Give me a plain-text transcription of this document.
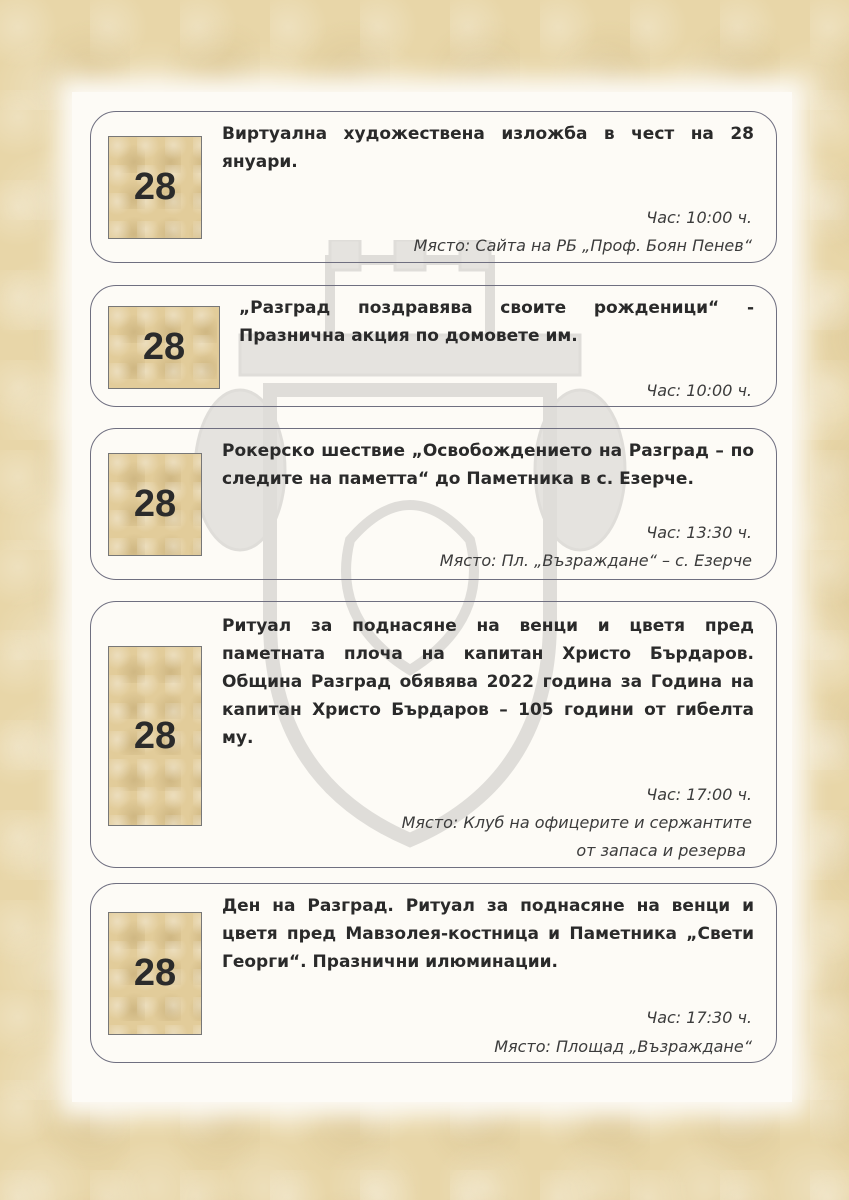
28
Виртуална художествена изложба в чест на 28 януари.
Час: 10:00 ч.
Място: Сайта на РБ „Проф. Боян Пенев“
28
„Разград поздравява своите рожденици“ - Празнична акция по домовете им.
Час: 10:00 ч.
28
Рокерско шествие „Освобождението на Разград – по следите на паметта“ до Паметника в с. Езерче.
Час: 13:30 ч.
Място: Пл. „Възраждане“ – с. Езерче
28
Ритуал за поднасяне на венци и цветя пред паметната плоча на капитан Христо Бърдаров. Община Разград обявява 2022 година за Година на капитан Христо Бърдаров – 105 години от гибелта му.
Час: 17:00 ч.
Място: Клуб на офицерите и сержантите
от запаса и резерва
28
Ден на Разград. Ритуал за поднасяне на венци и цветя пред Мавзолея-костница и Паметника „Свети Георги“. Празнични илюминации.
Час: 17:30 ч.
Място: Площад „Възраждане“
